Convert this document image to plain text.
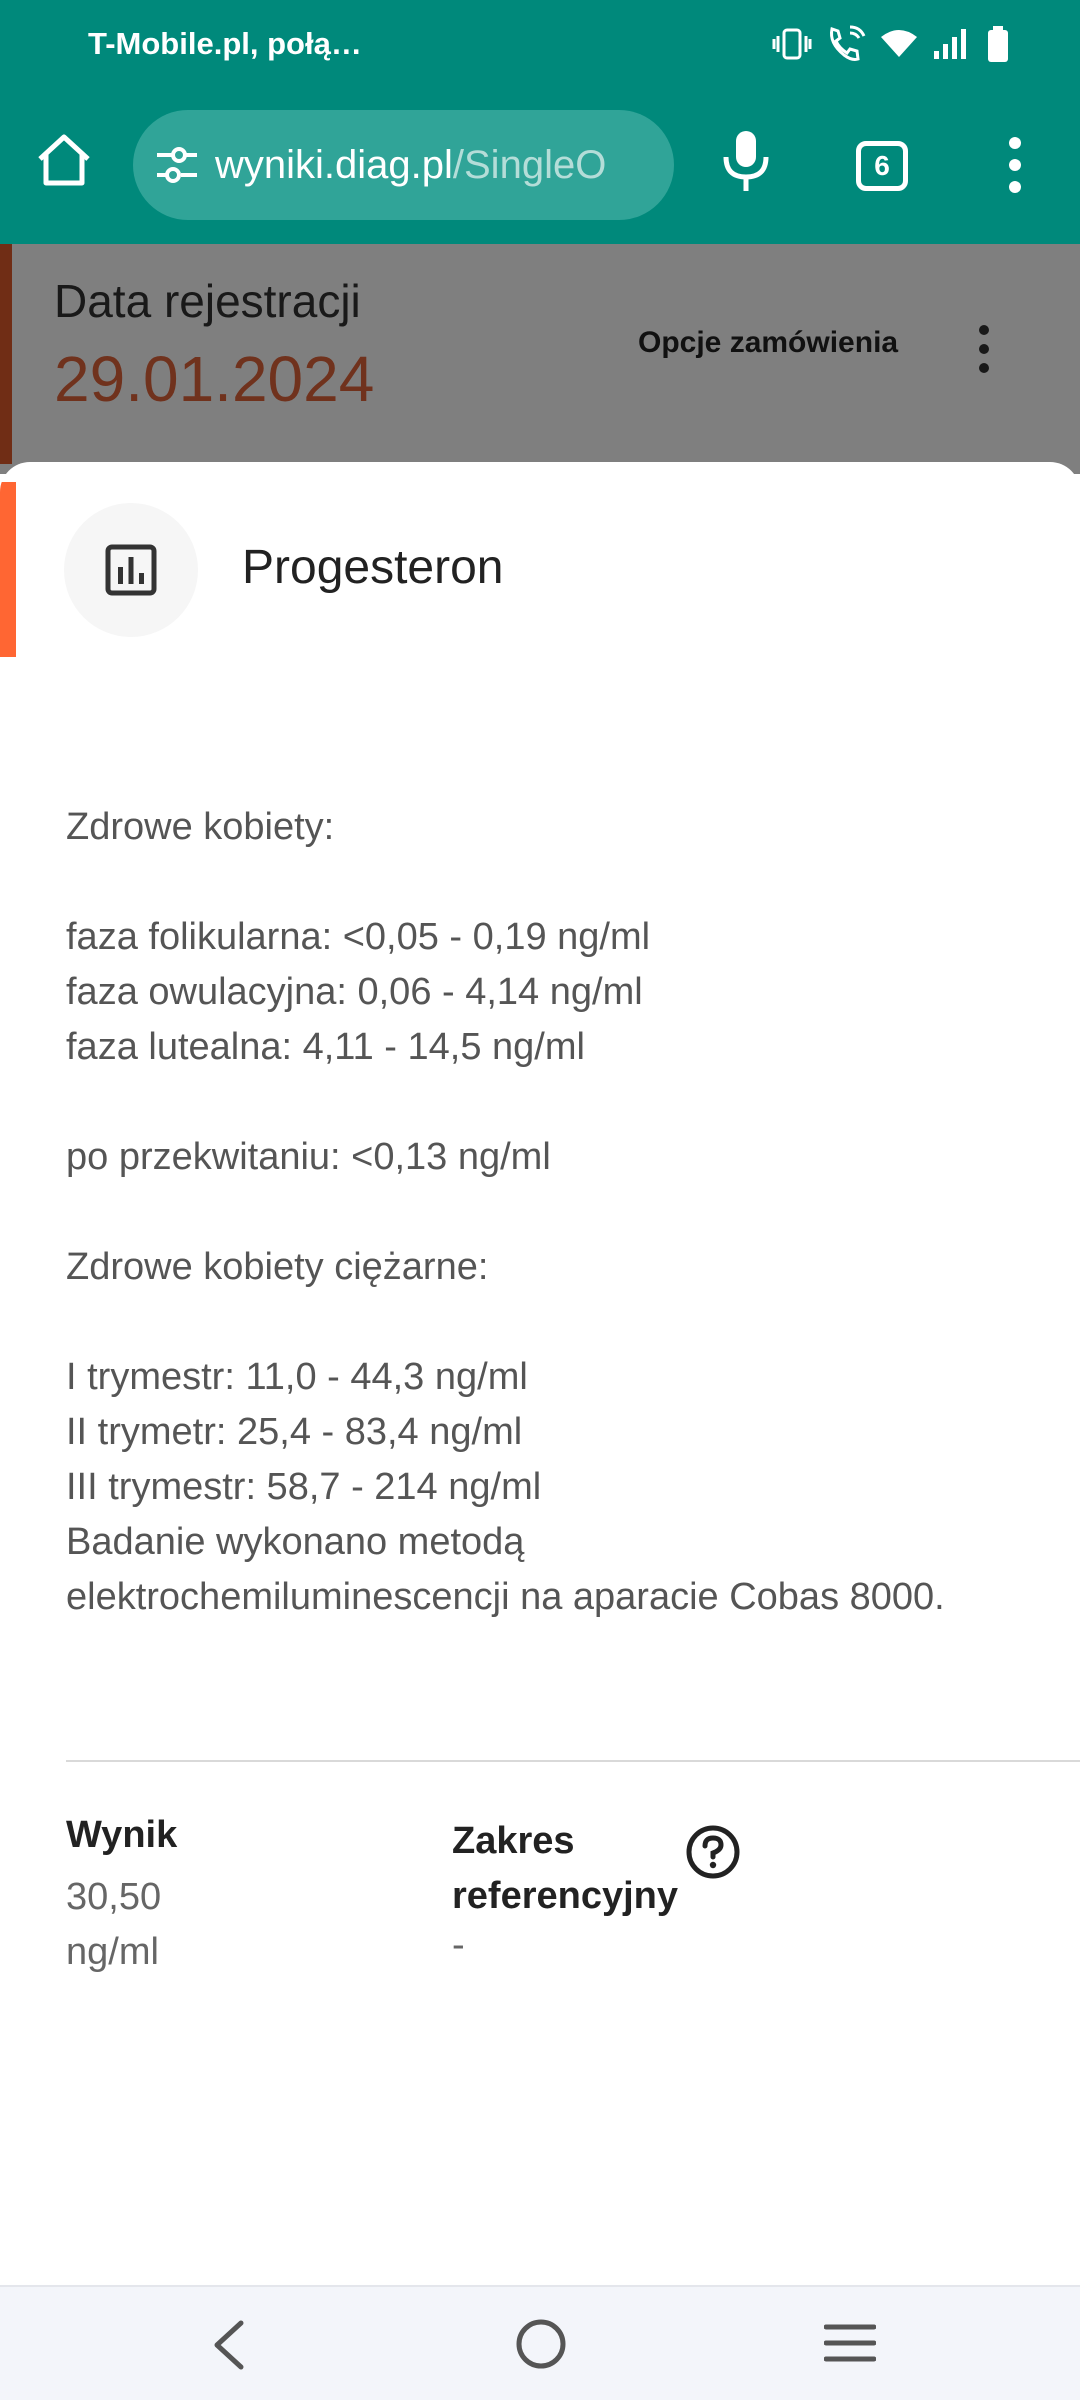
T-Mobile.pl, połą…
wyniki.diag.pl/SingleO	6
Progesteron
Zdrowe kobiety:
faza folikularna: <0,05 - 0,19 ng/ml
faza owulacyjna: 0,06 - 4,14 ng/ml
faza lutealna: 4,11 - 14,5 ng/ml
po przekwitaniu: <0,13 ng/ml
Zdrowe kobiety ciężarne:
I trymestr: 11,0 - 44,3 ng/ml
II trymetr: 25,4 - 83,4 ng/ml
III trymestr: 58,7 - 214 ng/ml
Badanie wykonano metodą elektrochemiluminescencji na aparacie Cobas 8000.
Wynik
30,50
ng/ml
Zakres referencyjny
-
